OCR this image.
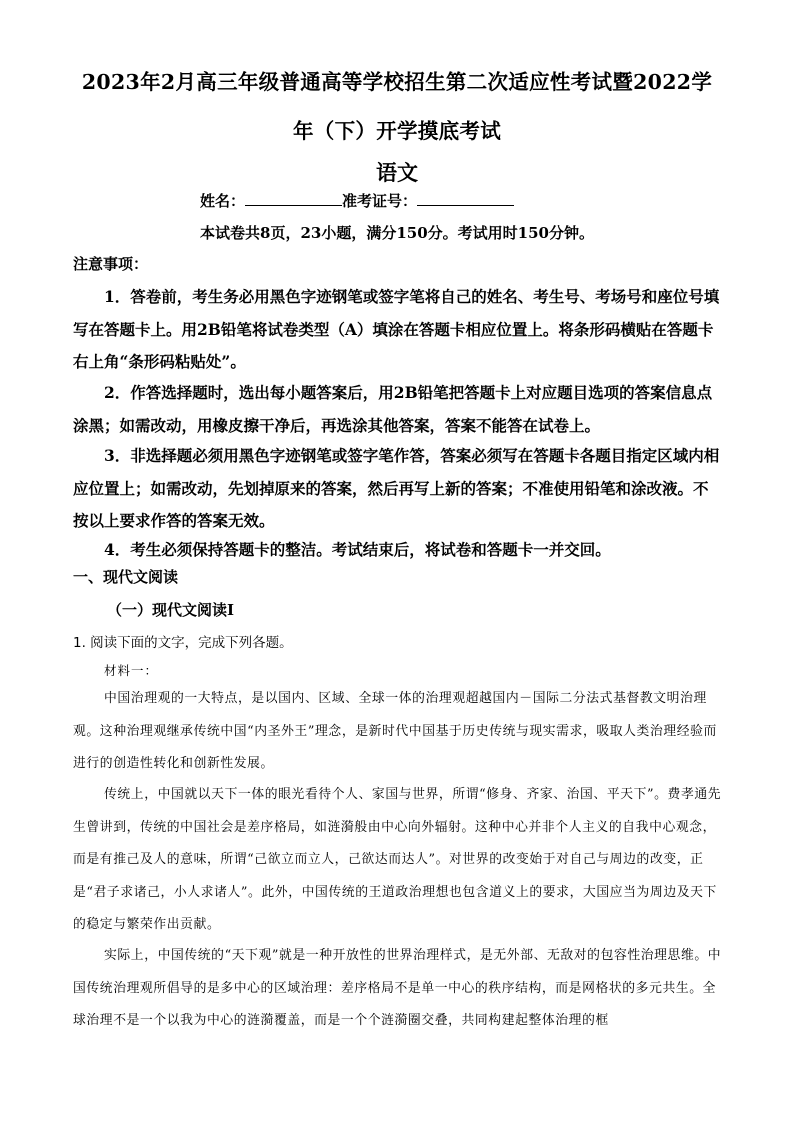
2023年2月高三年级普通高等学校招生第二次适应性考试暨2022学
年（下）开学摸底考试
语文
姓名：	准考证号：
本试卷共8页，23小题，满分150分。考试用时150分钟。
注意事项：
1．答卷前，考生务必用黑色字迹钢笔或签字笔将自己的姓名、考生号、考场号和座位号填写在答题卡上。用2B铅笔将试卷类型（A）填涂在答题卡相应位置上。将条形码横贴在答题卡右上角“条形码粘贴处”。
2．作答选择题时，选出每小题答案后，用2B铅笔把答题卡上对应题目选项的答案信息点涂黑；如需改动，用橡皮擦干净后，再选涂其他答案，答案不能答在试卷上。
3．非选择题必须用黑色字迹钢笔或签字笔作答，答案必须写在答题卡各题目指定区域内相应位置上；如需改动，先划掉原来的答案，然后再写上新的答案；不准使用铅笔和涂改液。不按以上要求作答的答案无效。
4．考生必须保持答题卡的整洁。考试结束后，将试卷和答题卡一并交回。
一、现代文阅读
（一）现代文阅读Ⅰ
1. 阅读下面的文字，完成下列各题。
材料一：
中国治理观的一大特点，是以国内、区域、全球一体的治理观超越国内－国际二分法式基督教文明治理观。这种治理观继承传统中国“内圣外王”理念，是新时代中国基于历史传统与现实需求，吸取人类治理经验而进行的创造性转化和创新性发展。
传统上，中国就以天下一体的眼光看待个人、家国与世界，所谓“修身、齐家、治国、平天下”。费孝通先生曾讲到，传统的中国社会是差序格局，如涟漪般由中心向外辐射。这种中心并非个人主义的自我中心观念，而是有推己及人的意味，所谓“己欲立而立人，己欲达而达人”。对世界的改变始于对自己与周边的改变，正是“君子求诸己，小人求诸人”。此外，中国传统的王道政治理想也包含道义上的要求，大国应当为周边及天下的稳定与繁荣作出贡献。
实际上，中国传统的“天下观”就是一种开放性的世界治理样式，是无外部、无敌对的包容性治理思维。中国传统治理观所倡导的是多中心的区域治理：差序格局不是单一中心的秩序结构，而是网格状的多元共生。全球治理不是一个以我为中心的涟漪覆盖，而是一个个涟漪圈交叠，共同构建起整体治理的框
